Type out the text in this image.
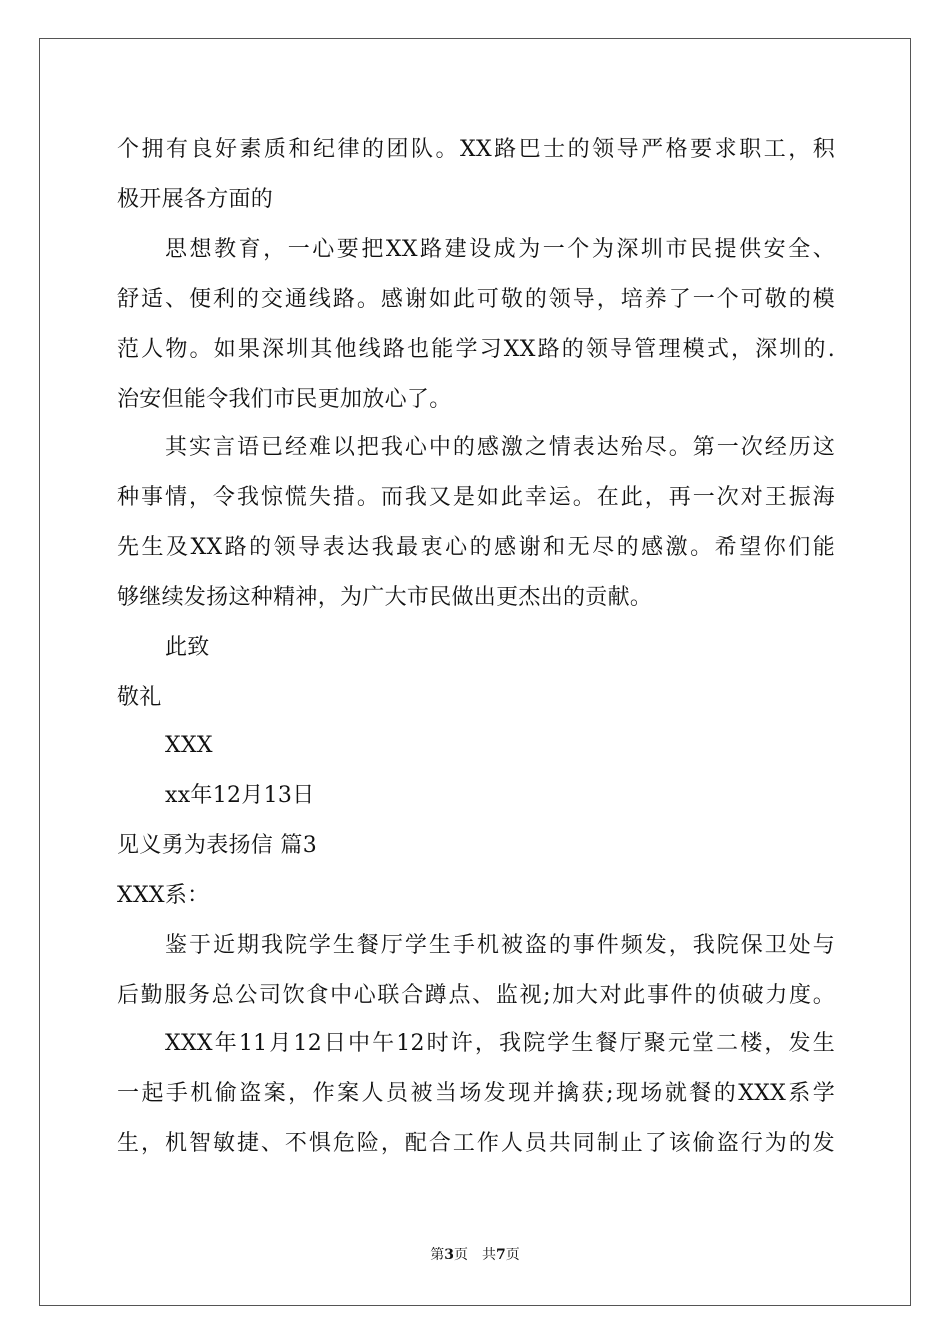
个拥有良好素质和纪律的团队。XX路巴士的领导严格要求职工，积
极开展各方面的
思想教育，一心要把XX路建设成为一个为深圳市民提供安全、
舒适、便利的交通线路。感谢如此可敬的领导，培养了一个可敬的模
范人物。如果深圳其他线路也能学习XX路的领导管理模式，深圳的.
治安但能令我们市民更加放心了。
其实言语已经难以把我心中的感激之情表达殆尽。第一次经历这
种事情，令我惊慌失措。而我又是如此幸运。在此，再一次对王振海
先生及XX路的领导表达我最衷心的感谢和无尽的感激。希望你们能
够继续发扬这种精神，为广大市民做出更杰出的贡献。
此致
敬礼
XXX
xx年12月13日
见义勇为表扬信 篇3
XXX系：
鉴于近期我院学生餐厅学生手机被盗的事件频发，我院保卫处与
后勤服务总公司饮食中心联合蹲点、监视;加大对此事件的侦破力度。
XXX年11月12日中午12时许，我院学生餐厅聚元堂二楼，发生
一起手机偷盗案，作案人员被当场发现并擒获;现场就餐的XXX系学
生，机智敏捷、不惧危险，配合工作人员共同制止了该偷盗行为的发
第3页　共7页
